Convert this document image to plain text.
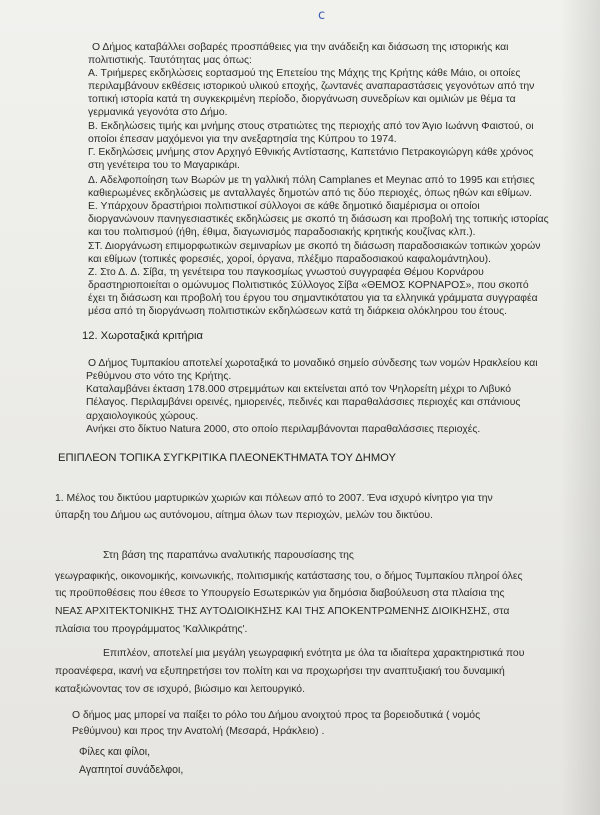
c

Ο Δήμος καταβάλλει σοβαρές προσπάθειες για την ανάδειξη και διάσωση της ιστορικής και

πολιτιστικής. Ταυτότητας μας όπως:

Α. Τριήμερες εκδηλώσεις εορτασμού της Επετείου της Μάχης της Κρήτης κάθε Μάιο, οι οποίες

περιλαμβάνουν εκθέσεις ιστορικού υλικού εποχής, ζωντανές αναπαραστάσεις γεγονότων από την

τοπική ιστορία κατά τη συγκεκριμένη περίοδο, διοργάνωση συνεδρίων και ομιλιών με θέμα τα

γερμανικά γεγονότα στο Δήμο.

Β. Εκδηλώσεις τιμής και μνήμης στους στρατιώτες της περιοχής από τον Άγιο Ιωάννη Φαιστού, οι

οποίοι έπεσαν μαχόμενοι για την ανεξαρτησία της Κύπρου το 1974.

Γ. Εκδηλώσεις μνήμης στον Αρχηγό Εθνικής Αντίστασης, Καπετάνιο Πετρακογιώργη κάθε χρόνος

στη γενέτειρα του το Μαγαρικάρι.

Δ. Αδελφοποίηση των Βωρών με τη γαλλική πόλη Camplanes et Meynac από το 1995 και ετήσιες

καθιερωμένες εκδηλώσεις με ανταλλαγές δημοτών από τις δύο περιοχές, όπως ηθών και εθίμων.

Ε. Υπάρχουν δραστήριοι πολιτιστικοί σύλλογοι σε κάθε δημοτικό διαμέρισμα οι οποίοι

διοργανώνουν πανηγεσιαστικές εκδηλώσεις με σκοπό τη διάσωση και προβολή της τοπικής ιστορίας

και του πολιτισμού (ήθη, έθιμα, διαγωνισμός παραδοσιακής κρητικής κουζίνας κλπ.).

ΣΤ. Διοργάνωση επιμορφωτικών σεμιναρίων με σκοπό τη διάσωση παραδοσιακών τοπικών χορών

και εθίμων (τοπικές φορεσιές, χοροί, όργανα, πλέξιμο παραδοσιακού καφαλομάντηλου).

Ζ. Στο Δ. Δ. Σίβα, τη γενέτειρα του παγκοσμίως γνωστού συγγραφέα Θέμου Κορνάρου

δραστηριοποιείται ο ομώνυμος Πολιτιστικός Σύλλογος Σίβα «ΘΕΜΟΣ ΚΟΡΝΑΡΟΣ», που σκοπό

έχει τη διάσωση και προβολή του έργου του σημαντικότατου για τα ελληνικά γράμματα συγγραφέα

μέσα από τη διοργάνωση πολιτιστικών εκδηλώσεων κατά τη διάρκεια ολόκληρου του έτους.

12. Χωροταξικά κριτήρια

Ο Δήμος Τυμπακίου αποτελεί χωροταξικά το μοναδικό σημείο σύνδεσης των νομών Ηρακλείου και

Ρεθύμνου στο νότο της Κρήτης.

Καταλαμβάνει έκταση 178.000 στρεμμάτων και εκτείνεται από τον Ψηλορείτη μέχρι το Λιβυκό

Πέλαγος. Περιλαμβάνει ορεινές, ημιορεινές, πεδινές και παραθαλάσσιες περιοχές και σπάνιους

αρχαιολογικούς χώρους.

Ανήκει στο δίκτυο Natura 2000, στο οποίο περιλαμβάνονται παραθαλάσσιες περιοχές.

ΕΠΙΠΛΕΟΝ ΤΟΠΙΚΑ ΣΥΓΚΡΙΤΙΚΑ ΠΛΕΟΝΕΚΤΗΜΑΤΑ ΤΟΥ ΔΗΜΟΥ

1. Μέλος του δικτύου μαρτυρικών χωριών και πόλεων από το 2007. Ένα ισχυρό κίνητρο για την

ύπαρξη του Δήμου ως αυτόνομου, αίτημα όλων των περιοχών, μελών του δικτύου.

Στη βάση της παραπάνω αναλυτικής παρουσίασης της

γεωγραφικής, οικονομικής, κοινωνικής, πολιτισμικής κατάστασης του, ο δήμος Τυμπακίου πληροί όλες

τις προϋποθέσεις που έθεσε το Υπουργείο Εσωτερικών για δημόσια διαβούλευση στα πλαίσια της

ΝΕΑΣ ΑΡΧΙΤΕΚΤΟΝΙΚΗΣ ΤΗΣ ΑΥΤΟΔΙΟΙΚΗΣΗΣ ΚΑΙ ΤΗΣ ΑΠΟΚΕΝΤΡΩΜΕΝΗΣ ΔΙΟΙΚΗΣΗΣ, στα

πλαίσια του προγράμματος 'Καλλικράτης'.

Επιπλέον, αποτελεί μια μεγάλη γεωγραφική ενότητα με όλα τα ιδιαίτερα χαρακτηριστικά που

προανέφερα, ικανή να εξυπηρετήσει τον πολίτη και να προχωρήσει την αναπτυξιακή του δυναμική

καταξιώνοντας τον σε ισχυρό, βιώσιμο και λειτουργικό.

Ο δήμος μας μπορεί να παίξει το ρόλο του Δήμου ανοιχτού προς τα βορειοδυτικά ( νομός

Ρεθύμνου) και προς την Ανατολή (Μεσαρά, Ηράκλειο) .

Φίλες και φίλοι,

Αγαπητοί συνάδελφοι,
